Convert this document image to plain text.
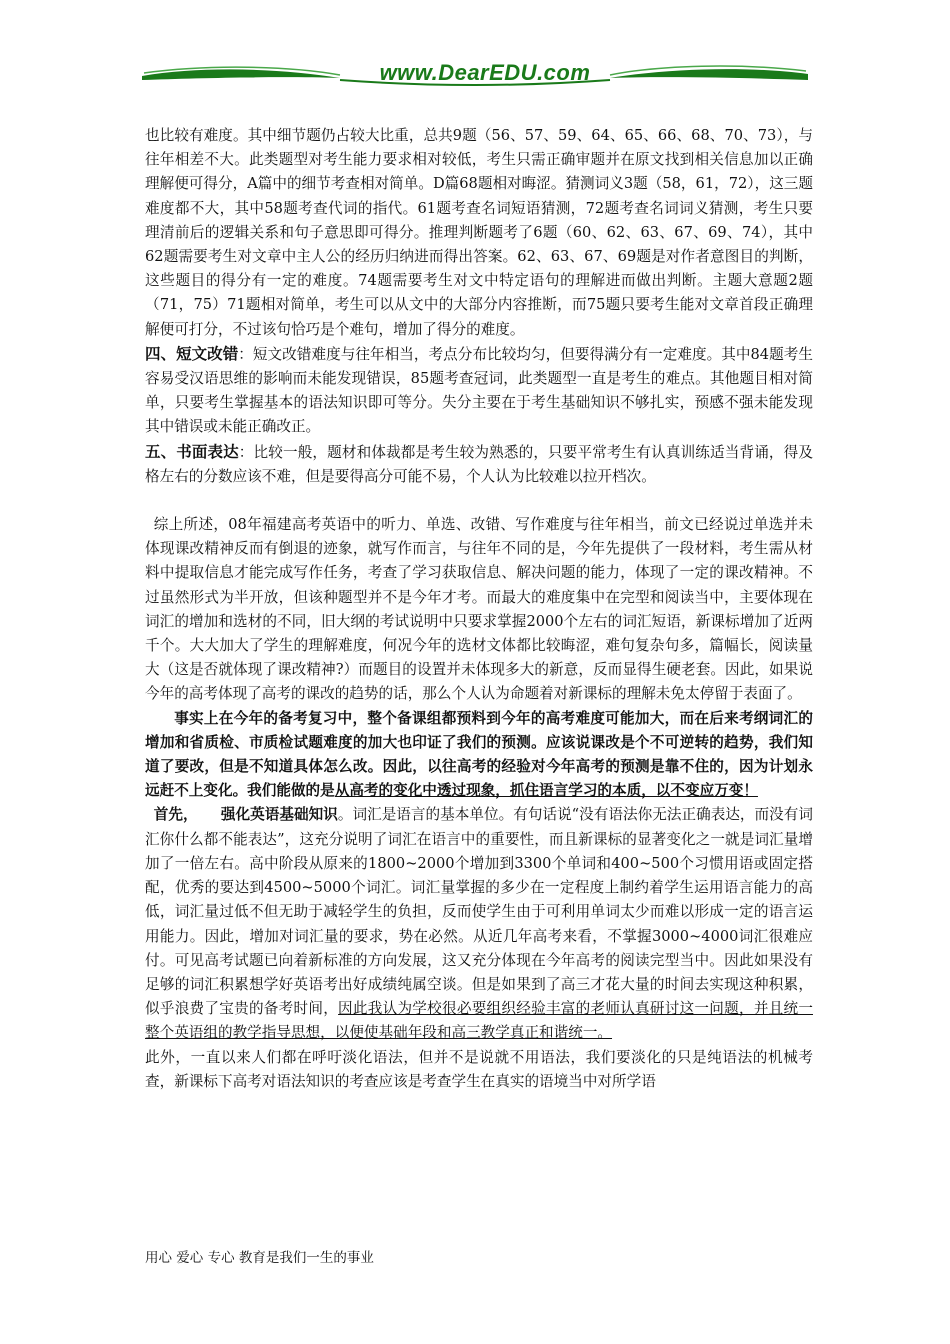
www.DearEDU.com

也比较有难度。其中细节题仍占较大比重，总共9题（56、57、59、64、65、66、68、70、73），与往年相差不大。此类题型对考生能力要求相对较低，考生只需正确审题并在原文找到相关信息加以正确理解便可得分，A篇中的细节考查相对简单。D篇68题相对晦涩。猜测词义3题（58，61，72），这三题难度都不大，其中58题考查代词的指代。61题考查名词短语猜测，72题考查名词词义猜测，考生只要理清前后的逻辑关系和句子意思即可得分。推理判断题考了6题（60、62、63、67、69、74），其中62题需要考生对文章中主人公的经历归纳进而得出答案。62、63、67、69题是对作者意图目的判断，这些题目的得分有一定的难度。74题需要考生对文中特定语句的理解进而做出判断。主题大意题2题（71，75）71题相对简单，考生可以从文中的大部分内容推断，而75题只要考生能对文章首段正确理解便可打分，不过该句恰巧是个难句，增加了得分的难度。

四、短文改错：短文改错难度与往年相当，考点分布比较均匀，但要得满分有一定难度。其中84题考生容易受汉语思维的影响而未能发现错误，85题考查冠词，此类题型一直是考生的难点。其他题目相对简单，只要考生掌握基本的语法知识即可等分。失分主要在于考生基础知识不够扎实，预感不强未能发现其中错误或未能正确改正。

五、书面表达：比较一般，题材和体裁都是考生较为熟悉的，只要平常考生有认真训练适当背诵，得及格左右的分数应该不难，但是要得高分可能不易，个人认为比较难以拉开档次。

综上所述，08年福建高考英语中的听力、单选、改错、写作难度与往年相当，前文已经说过单选并未体现课改精神反而有倒退的迹象，就写作而言，与往年不同的是，今年先提供了一段材料，考生需从材料中提取信息才能完成写作任务，考查了学习获取信息、解决问题的能力，体现了一定的课改精神。不过虽然形式为半开放，但该种题型并不是今年才考。而最大的难度集中在完型和阅读当中，主要体现在词汇的增加和选材的不同，旧大纲的考试说明中只要求掌握2000个左右的词汇短语，新课标增加了近两千个。大大加大了学生的理解难度，何况今年的选材文体都比较晦涩，难句复杂句多，篇幅长，阅读量大（这是否就体现了课改精神?）而题目的设置并未体现多大的新意，反而显得生硬老套。因此，如果说今年的高考体现了高考的课改的趋势的话，那么个人认为命题着对新课标的理解未免太停留于表面了。

事实上在今年的备考复习中，整个备课组都预料到今年的高考难度可能加大，而在后来考纲词汇的增加和省质检、市质检试题难度的加大也印证了我们的预测。应该说课改是个不可逆转的趋势，我们知道了要改，但是不知道具体怎么改。因此，以往高考的经验对今年高考的预测是靠不住的，因为计划永远赶不上变化。我们能做的是从高考的变化中透过现象，抓住语言学习的本质，以不变应万变！

首先， 强化英语基础知识。词汇是语言的基本单位。有句话说“没有语法你无法正确表达，而没有词汇你什么都不能表达”，这充分说明了词汇在语言中的重要性，而且新课标的显著变化之一就是词汇量增加了一倍左右。高中阶段从原来的1800~2000个增加到3300个单词和400~500个习惯用语或固定搭配，优秀的要达到4500~5000个词汇。词汇量掌握的多少在一定程度上制约着学生运用语言能力的高低，词汇量过低不但无助于减轻学生的负担，反而使学生由于可利用单词太少而难以形成一定的语言运用能力。因此，增加对词汇量的要求，势在必然。从近几年高考来看，不掌握3000~4000词汇很难应付。可见高考试题已向着新标准的方向发展，这又充分体现在今年高考的阅读完型当中。因此如果没有足够的词汇积累想学好英语考出好成绩纯属空谈。但是如果到了高三才花大量的时间去实现这种积累，似乎浪费了宝贵的备考时间，因此我认为学校很必要组织经验丰富的老师认真研讨这一问题，并且统一整个英语组的教学指导思想，以便使基础年段和高三教学真正和谐统一。

此外，一直以来人们都在呼吁淡化语法，但并不是说就不用语法，我们要淡化的只是纯语法的机械考查，新课标下高考对语法知识的考查应该是考查学生在真实的语境当中对所学语

用心 爱心 专心 教育是我们一生的事业
